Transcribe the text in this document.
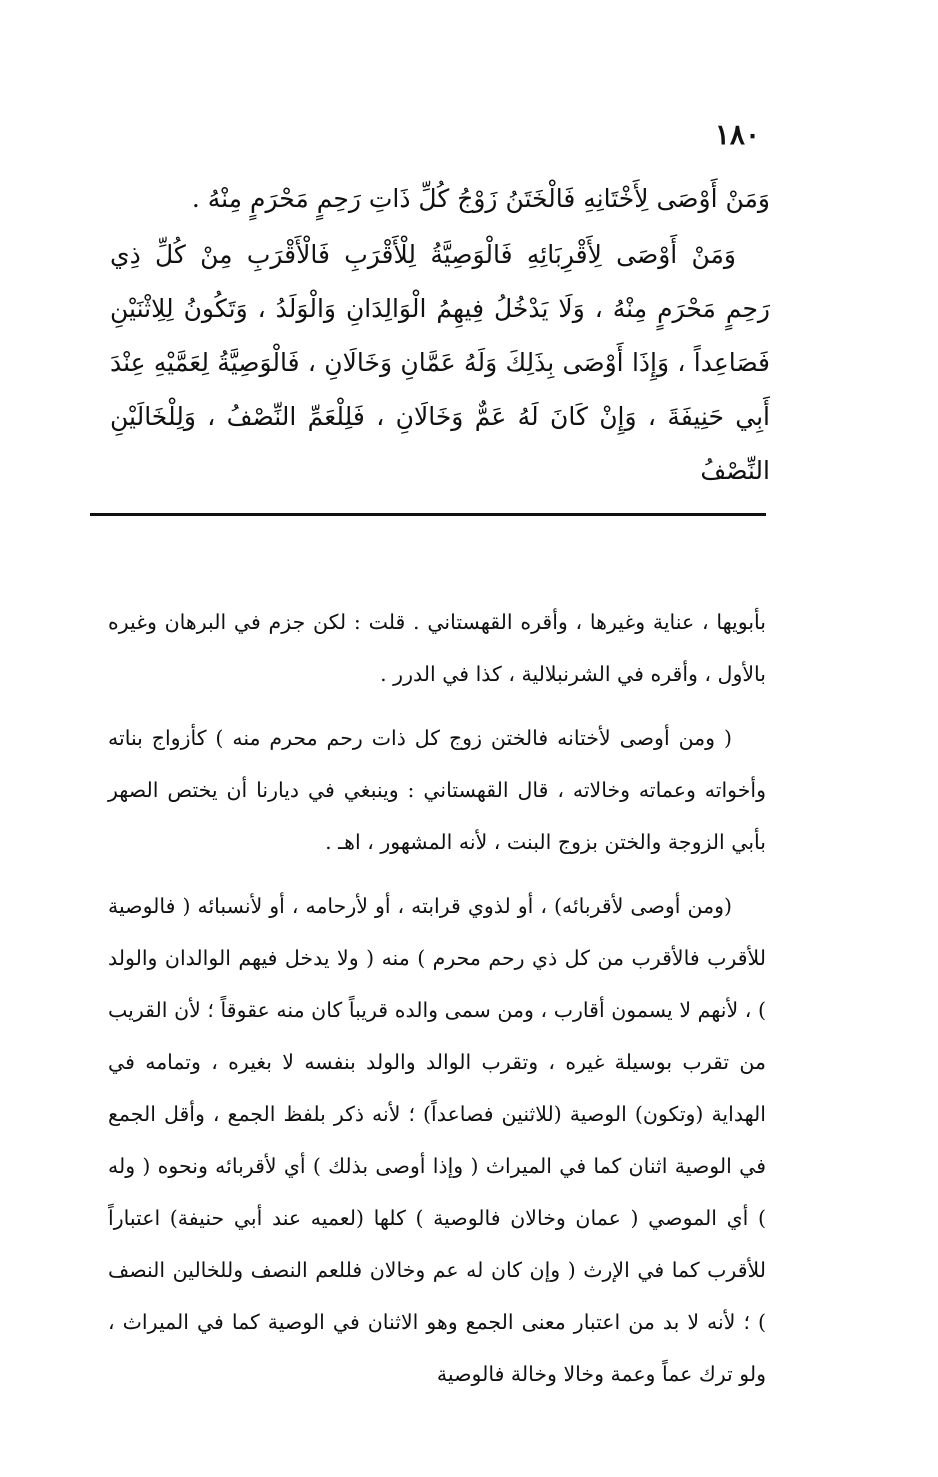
١٨٠

وَمَنْ أَوْصَى لِأَخْتَانِهِ فَالْخَتَنُ زَوْجُ كُلِّ ذَاتِ رَحِمٍ مَحْرَمٍ مِنْهُ .

وَمَنْ أَوْصَى لِأَقْرِبَائِهِ فَالْوَصِيَّةُ لِلْأَقْرَبِ فَالْأَقْرَبِ مِنْ كُلِّ ذِي رَحِمٍ مَحْرَمٍ مِنْهُ ، وَلَا يَدْخُلُ فِيهِمُ الْوَالِدَانِ وَالْوَلَدُ ، وَتَكُونُ لِلِاثْنَيْنِ فَصَاعِداً ، وَإِذَا أَوْصَى بِذَلِكَ وَلَهُ عَمَّانِ وَخَالَانِ ، فَالْوَصِيَّةُ لِعَمَّيْهِ عِنْدَ أَبِي حَنِيفَةَ ، وَإِنْ كَانَ لَهُ عَمٌّ وَخَالَانِ ، فَلِلْعَمِّ النِّصْفُ ، وَلِلْخَالَيْنِ النِّصْفُ

بأبويها ، عناية وغيرها ، وأقره القهستاني . قلت : لكن جزم في البرهان وغيره بالأول ، وأقره في الشرنبلالية ، كذا في الدرر .

( ومن أوصى لأختانه فالختن زوج كل ذات رحم محرم منه ) كأزواج بناته وأخواته وعماته وخالاته ، قال القهستاني : وينبغي في ديارنا أن يختص الصهر بأبي الزوجة والختن بزوج البنت ، لأنه المشهور ، اهـ .

(ومن أوصى لأقربائه) ، أو لذوي قرابته ، أو لأرحامه ، أو لأنسبائه ( فالوصية للأقرب فالأقرب من كل ذي رحم محرم ) منه ( ولا يدخل فيهم الوالدان والولد ) ، لأنهم لا يسمون أقارب ، ومن سمى والده قريباً كان منه عقوقاً ؛ لأن القريب من تقرب بوسيلة غيره ، وتقرب الوالد والولد بنفسه لا بغيره ، وتمامه في الهداية (وتكون) الوصية (للاثنين فصاعداً) ؛ لأنه ذكر بلفظ الجمع ، وأقل الجمع في الوصية اثنان كما في الميراث ( وإذا أوصى بذلك ) أي لأقربائه ونحوه ( وله ) أي الموصي ( عمان وخالان فالوصية ) كلها (لعميه عند أبي حنيفة) اعتباراً للأقرب كما في الإرث ( وإن كان له عم وخالان فللعم النصف وللخالين النصف ) ؛ لأنه لا بد من اعتبار معنى الجمع وهو الاثنان في الوصية كما في الميراث ، ولو ترك عماً وعمة وخالا وخالة فالوصية
